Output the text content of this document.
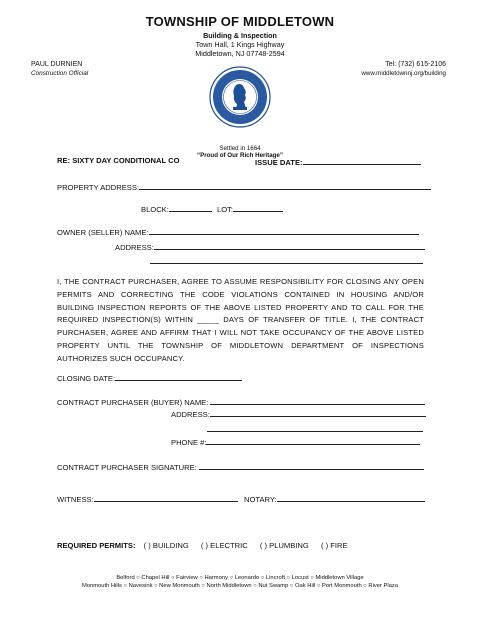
TOWNSHIP OF MIDDLETOWN
Building & Inspection
Town Hall, 1 Kings Highway
Middletown, NJ 07748-2594
PAUL DURNIEN
Construction Official
Tel: (732) 615-2106
www.middletownnj.org/building
Settled in 1664
“Proud of Our Rich Heritage”
RE: SIXTY DAY CONDITIONAL CO	ISSUE DATE:
PROPERTY ADDRESS:
BLOCK:	LOT:
OWNER (SELLER) NAME:
ADDRESS:
I, THE CONTRACT PURCHASER, AGREE TO ASSUME RESPONSIBILITY FOR CLOSING ANY OPEN PERMITS AND CORRECTING THE CODE VIOLATIONS CONTAINED IN HOUSING AND/OR BUILDING INSPECTION REPORTS OF THE ABOVE LISTED PROPERTY AND TO CALL FOR THE REQUIRED INSPECTION(S) WITHIN _____ DAYS OF TRANSFER OF TITLE. I, THE CONTRACT PURCHASER, AGREE AND AFFIRM THAT I WILL NOT TAKE OCCUPANCY OF THE ABOVE LISTED PROPERTY UNTIL THE TOWNSHIP OF MIDDLETOWN DEPARTMENT OF INSPECTIONS AUTHORIZES SUCH OCCUPANCY.
CLOSING DATE:
CONTRACT PURCHASER (BUYER) NAME:
ADDRESS:
PHONE #:
CONTRACT PURCHASER SIGNATURE:
WITNESS:	NOTARY:
REQUIRED PERMITS: ( ) BUILDING ( ) ELECTRIC ( ) PLUMBING ( ) FIRE
Belford ○ Chapel Hill ○ Fairview ○ Harmony ○ Leonardo ○ Lincroft ○ Locust ○ Middletown Village
Monmouth Hills ○ Navesink ○ New Monmouth ○ North Middletown ○ Nut Swamp ○ Oak Hill ○ Port Monmouth ○ River Plaza
